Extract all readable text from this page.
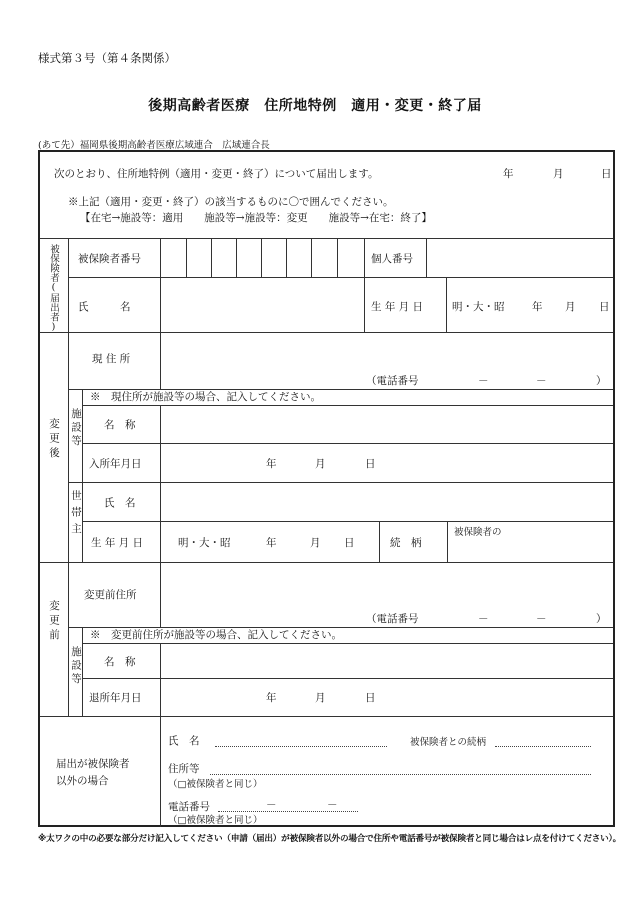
様式第３号（第４条関係）
後期高齢者医療　住所地特例　適用・変更・終了届
(あて先）福岡県後期高齢者医療広域連合　広域連合長
次のとおり、住所地特例（適用・変更・終了）について届出します。	年	月	日
※上記（適用・変更・終了）の該当するものに〇で囲んでください。
【在宅→施設等：適用　　施設等→施設等：変更　　施設等→在宅：終了】
被保険者(届出者) 被保険者番号	個人番号
氏　　　名	生 年 月 日	明・大・昭	年 月 日
変更後
現 住 所
（電話番号	－	－	）
※　現住所が施設等の場合、記入してください。
施設等 名　称
入所年月日	年	月	日
世帯主 氏　名
生 年 月 日	明・大・昭	年	月 日	続　柄
被保険者の
変更前
変更前住所
（電話番号	－	－	）
※　変更前住所が施設等の場合、記入してください。
施設等 名　称
退所年月日	年	月	日
届出が被保険者
以外の場合
氏　名	被保険者との続柄
住所等
（□被保険者と同じ）
電話番号	－	－
（□被保険者と同じ）
※太ワクの中の必要な部分だけ記入してください（申請（届出）が被保険者以外の場合で住所や電話番号が被保険者と同じ場合はレ点を付けてください）。
